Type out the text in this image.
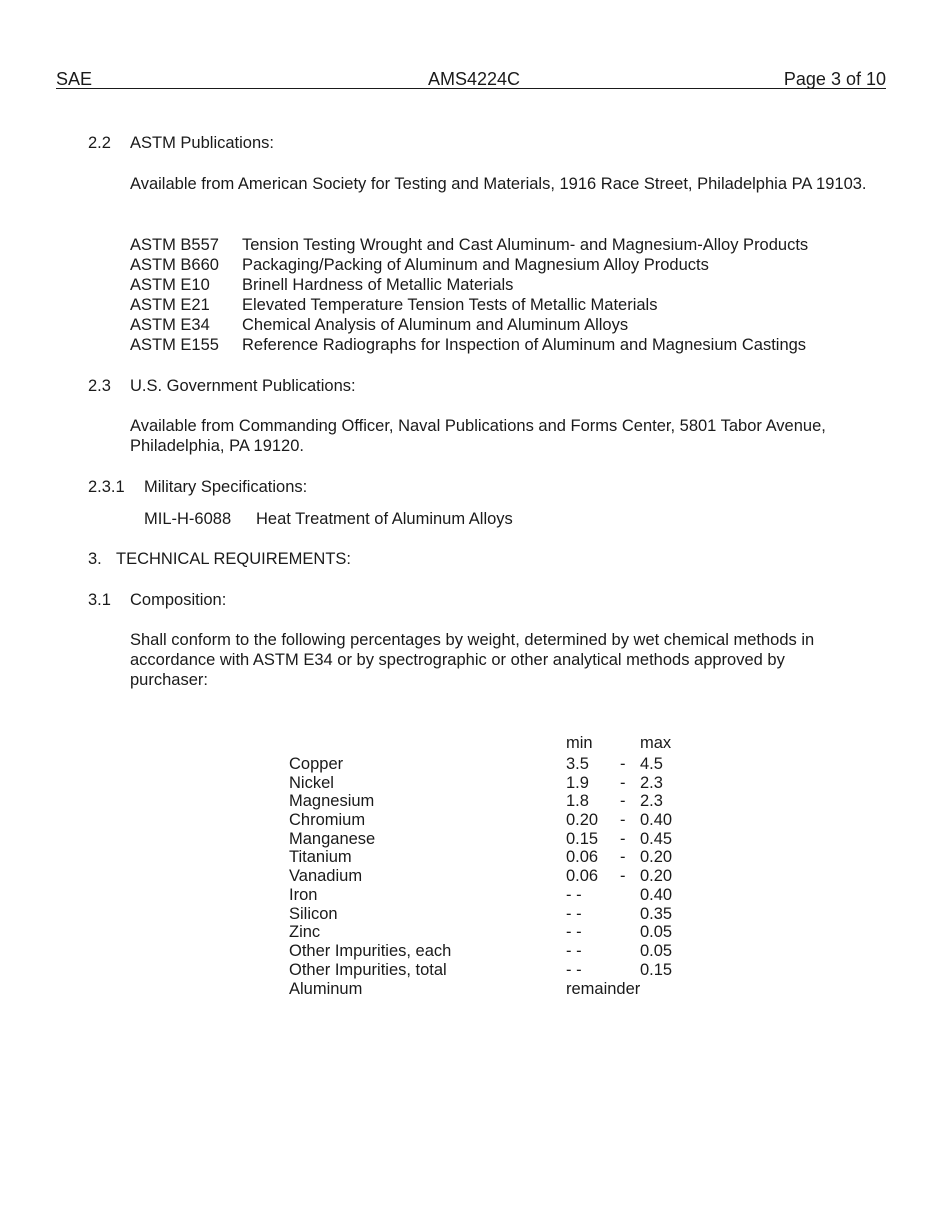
SAE	AMS4224C	Page 3 of 10
2.2 ASTM Publications:
Available from American Society for Testing and Materials, 1916 Race Street, Philadelphia PA 19103.
ASTM B557 Tension Testing Wrought and Cast Aluminum- and Magnesium-Alloy Products
ASTM B660 Packaging/Packing of Aluminum and Magnesium Alloy Products
ASTM E10 Brinell Hardness of Metallic Materials
ASTM E21 Elevated Temperature Tension Tests of Metallic Materials
ASTM E34 Chemical Analysis of Aluminum and Aluminum Alloys
ASTM E155 Reference Radiographs for Inspection of Aluminum and Magnesium Castings
2.3 U.S. Government Publications:
Available from Commanding Officer, Naval Publications and Forms Center, 5801 Tabor Avenue, Philadelphia, PA 19120.
2.3.1 Military Specifications:
MIL-H-6088 Heat Treatment of Aluminum Alloys
3. TECHNICAL REQUIREMENTS:
3.1 Composition:
Shall conform to the following percentages by weight, determined by wet chemical methods in accordance with ASTM E34 or by spectrographic or other analytical methods approved by purchaser:
min	max
Copper	3.5 - 4.5
Nickel	1.9 - 2.3
Magnesium	1.8 - 2.3
Chromium	0.20 - 0.40
Manganese	0.15 - 0.45
Titanium	0.06 - 0.20
Vanadium	0.06 - 0.20
Iron	- -	0.40
Silicon	- -	0.35
Zinc	- -	0.05
Other Impurities, each	- -	0.05
Other Impurities, total	- -	0.15
Aluminum	remainder
